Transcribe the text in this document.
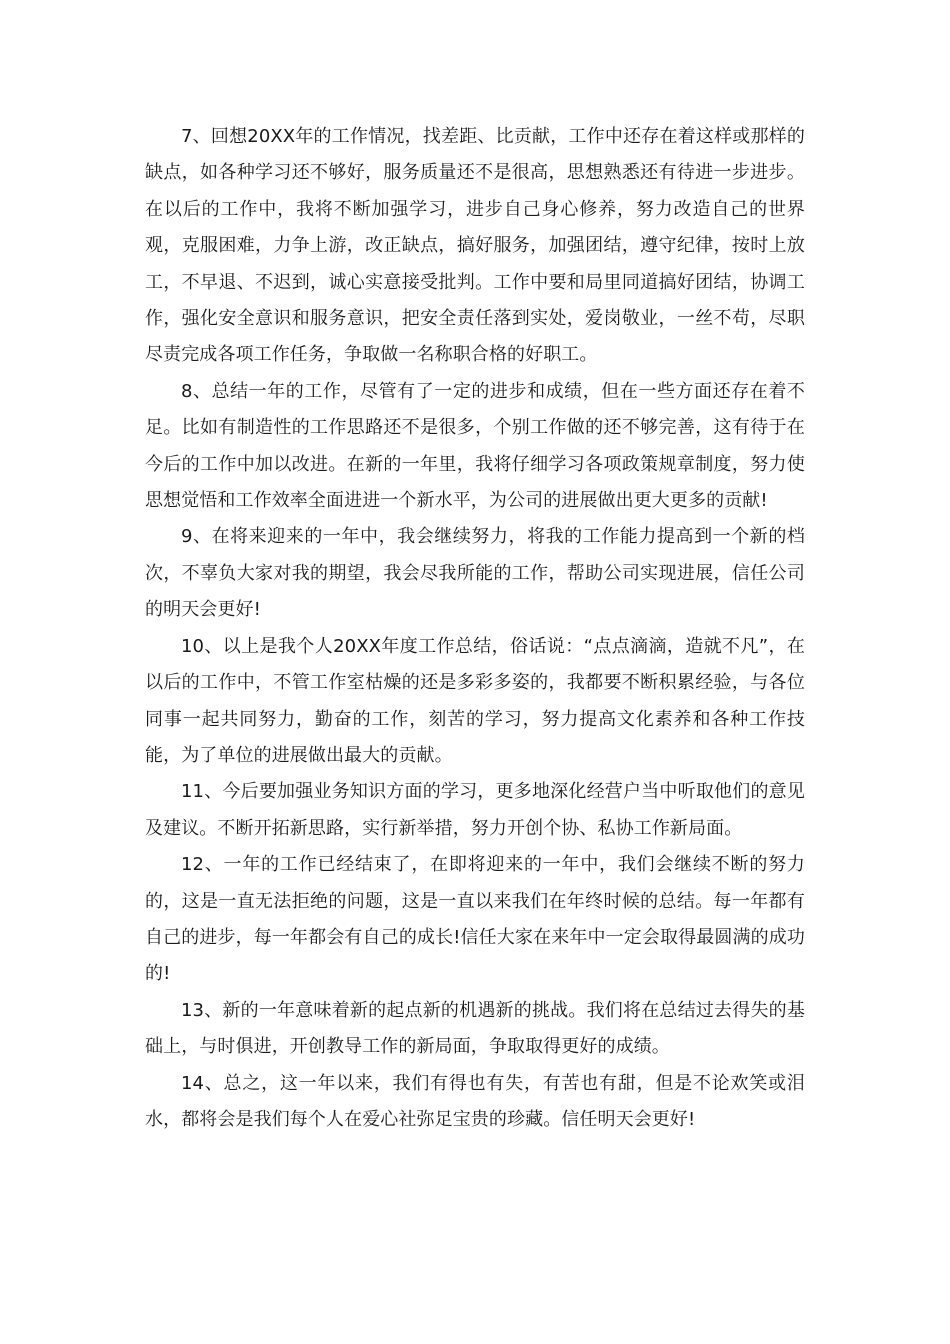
7、回想20XX年的工作情况，找差距、比贡献，工作中还存在着这样或那样的缺点，如各种学习还不够好，服务质量还不是很高，思想熟悉还有待进一步进步。在以后的工作中，我将不断加强学习，进步自己身心修养，努力改造自己的世界观，克服困难，力争上游，改正缺点，搞好服务，加强团结，遵守纪律，按时上放工，不早退、不迟到，诚心实意接受批判。工作中要和局里同道搞好团结，协调工作，强化安全意识和服务意识，把安全责任落到实处，爱岗敬业，一丝不苟，尽职尽责完成各项工作任务，争取做一名称职合格的好职工。

8、总结一年的工作，尽管有了一定的进步和成绩，但在一些方面还存在着不足。比如有制造性的工作思路还不是很多，个别工作做的还不够完善，这有待于在今后的工作中加以改进。在新的一年里，我将仔细学习各项政策规章制度，努力使思想觉悟和工作效率全面进进一个新水平，为公司的进展做出更大更多的贡献!

9、在将来迎来的一年中，我会继续努力，将我的工作能力提高到一个新的档次，不辜负大家对我的期望，我会尽我所能的工作，帮助公司实现进展，信任公司的明天会更好!

10、以上是我个人20XX年度工作总结，俗话说：“点点滴滴，造就不凡”，在以后的工作中，不管工作室枯燥的还是多彩多姿的，我都要不断积累经验，与各位同事一起共同努力，勤奋的工作，刻苦的学习，努力提高文化素养和各种工作技能，为了单位的进展做出最大的贡献。

11、今后要加强业务知识方面的学习，更多地深化经营户当中听取他们的意见及建议。不断开拓新思路，实行新举措，努力开创个协、私协工作新局面。

12、一年的工作已经结束了，在即将迎来的一年中，我们会继续不断的努力的，这是一直无法拒绝的问题，这是一直以来我们在年终时候的总结。每一年都有自己的进步，每一年都会有自己的成长!信任大家在来年中一定会取得最圆满的成功的!

13、新的一年意味着新的起点新的机遇新的挑战。我们将在总结过去得失的基础上，与时俱进，开创教导工作的新局面，争取取得更好的成绩。

14、总之，这一年以来，我们有得也有失，有苦也有甜，但是不论欢笑或泪水，都将会是我们每个人在爱心社弥足宝贵的珍藏。信任明天会更好!
